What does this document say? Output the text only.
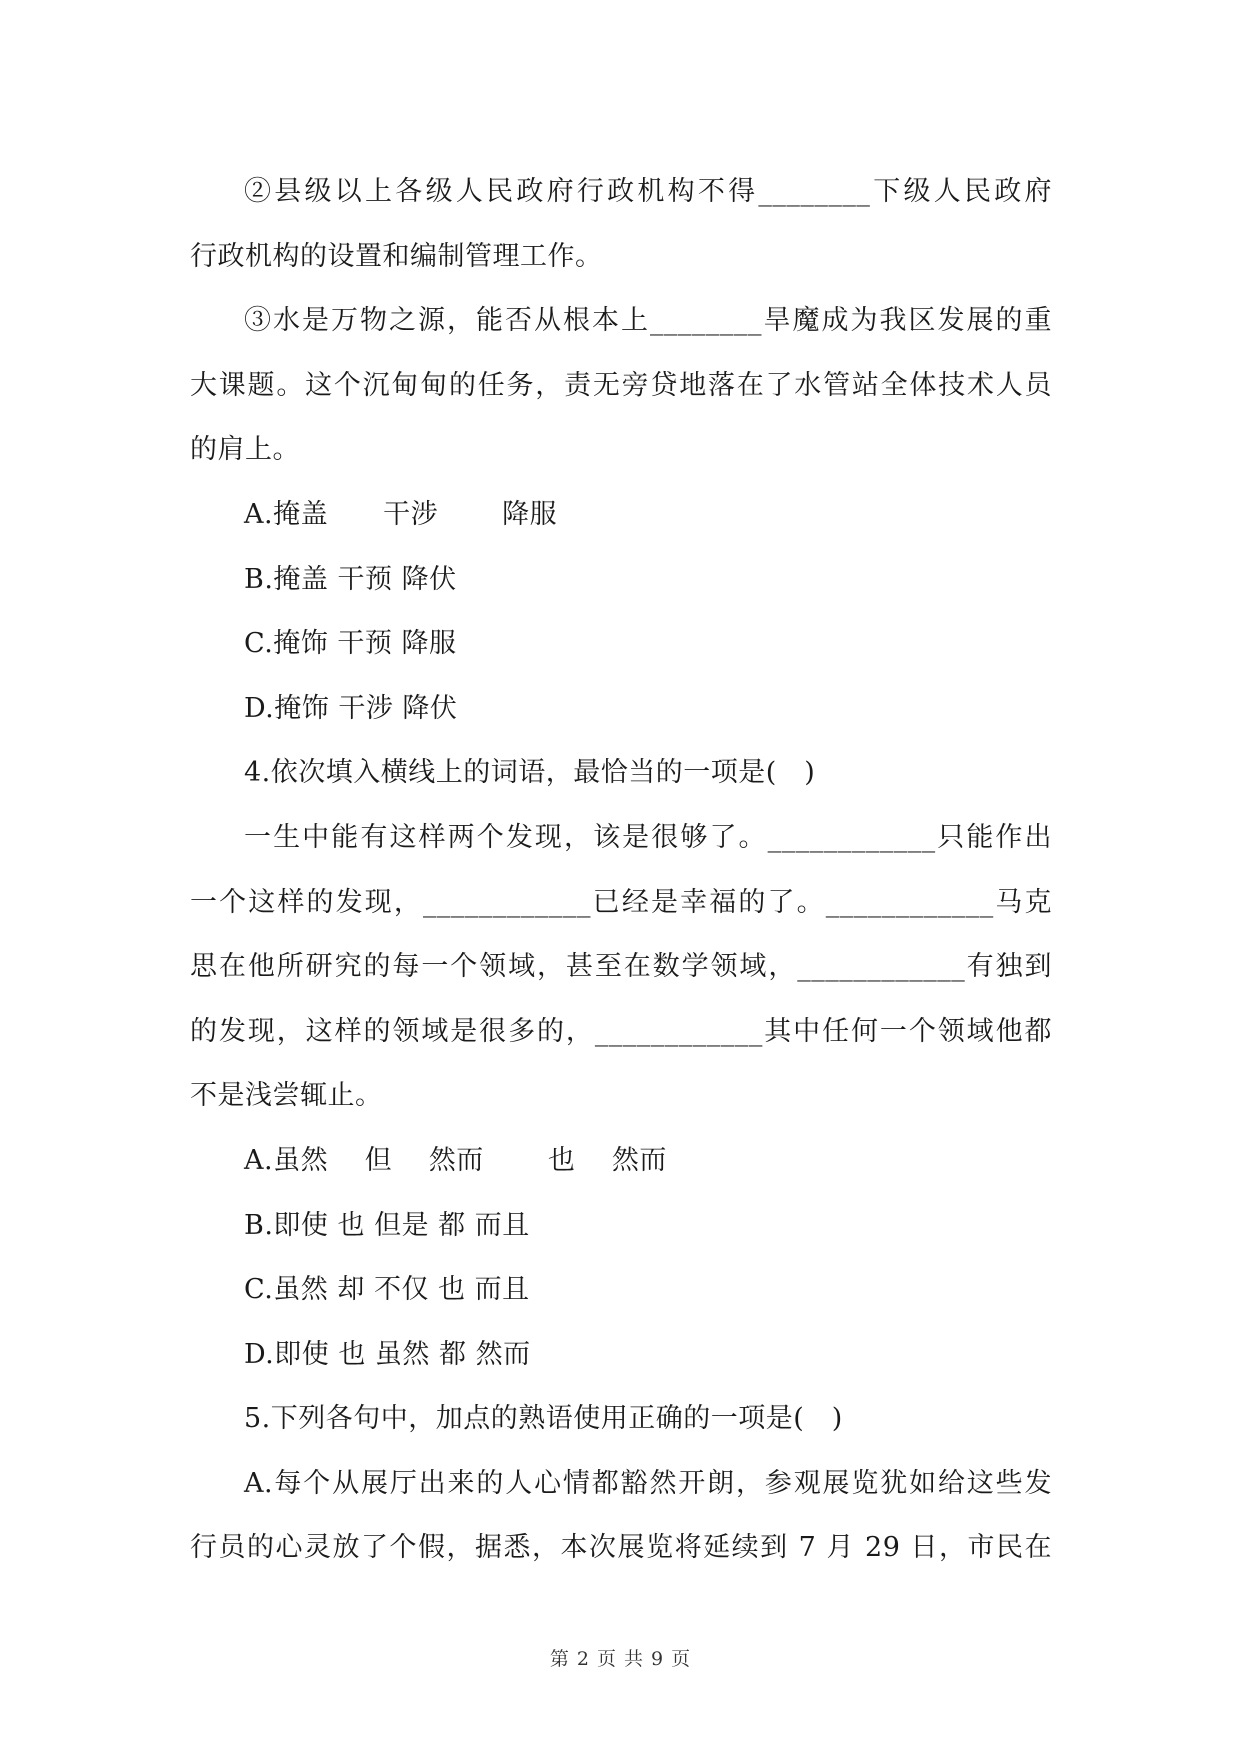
②县级以上各级人民政府行政机构不得________下级人民政府
行政机构的设置和编制管理工作。
③水是万物之源，能否从根本上________旱魔成为我区发展的重
大课题。这个沉甸甸的任务，责无旁贷地落在了水管站全体技术人员
的肩上。
A.掩盖　　干涉　　 降服
B.掩盖 干预 降伏
C.掩饰 干预 降服
D.掩饰 干涉 降伏
4.依次填入横线上的词语，最恰当的一项是(　)
一生中能有这样两个发现，该是很够了。____________只能作出
一个这样的发现，____________已经是幸福的了。____________马克
思在他所研究的每一个领域，甚至在数学领域，____________有独到
的发现，这样的领域是很多的，____________其中任何一个领域他都
不是浅尝辄止。
A.虽然　 但　 然而　　 也　 然而
B.即使 也 但是 都 而且
C.虽然 却 不仅 也 而且
D.即使 也 虽然 都 然而
5.下列各句中，加点的熟语使用正确的一项是(　)
A.每个从展厅出来的人心情都豁然开朗，参观展览犹如给这些发
行员的心灵放了个假，据悉，本次展览将延续到 7 月 29 日，市民在
第 2 页 共 9 页
